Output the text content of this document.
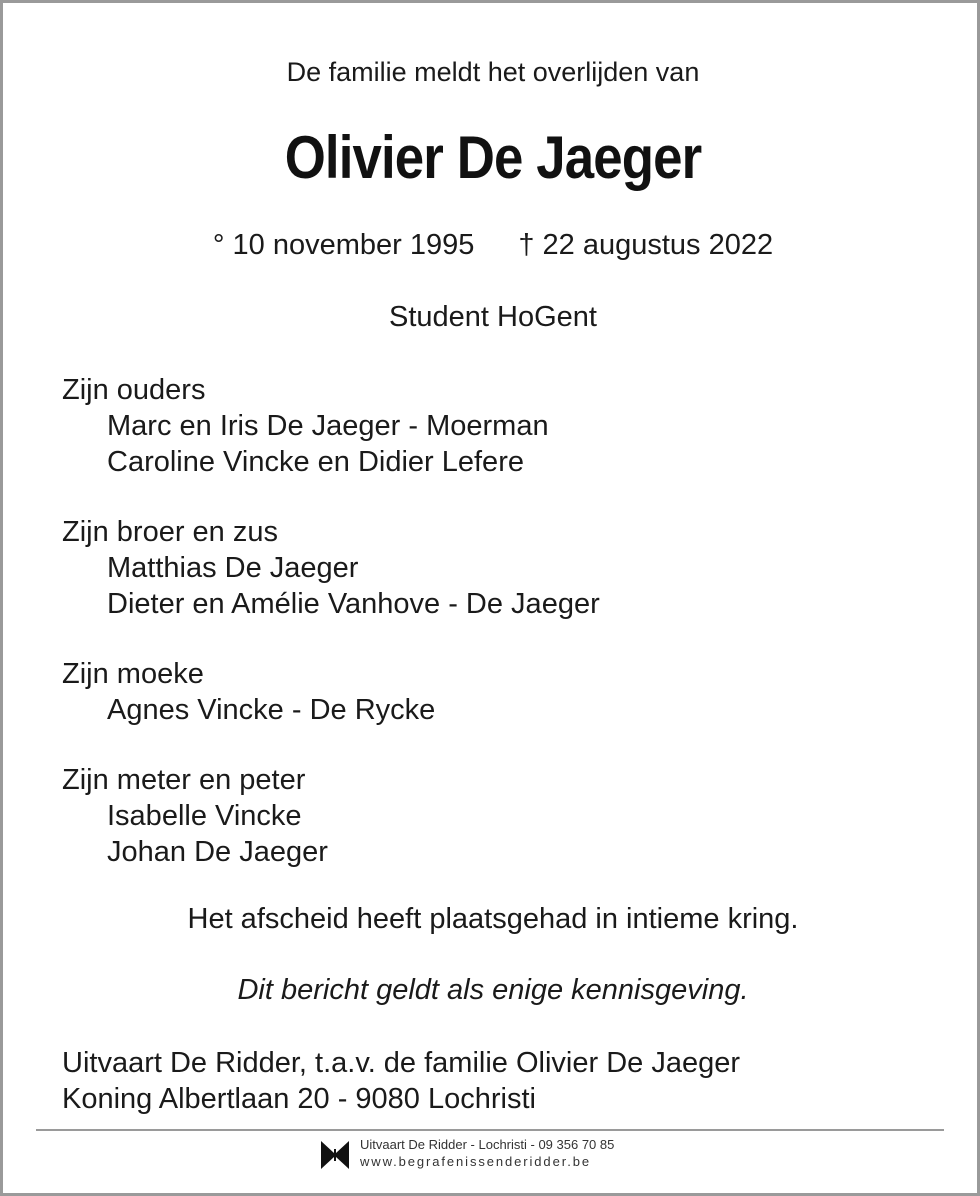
De familie meldt het overlijden van
Olivier De Jaeger
° 10 november 1995 † 22 augustus 2022
Student HoGent
Zijn ouders
Marc en Iris De Jaeger - Moerman
Caroline Vincke en Didier Lefere
Zijn broer en zus
Matthias De Jaeger
Dieter en Amélie Vanhove - De Jaeger
Zijn moeke
Agnes Vincke - De Rycke
Zijn meter en peter
Isabelle Vincke
Johan De Jaeger
Het afscheid heeft plaatsgehad in intieme kring.
Dit bericht geldt als enige kennisgeving.
Uitvaart De Ridder, t.a.v. de familie Olivier De Jaeger
Koning Albertlaan 20 - 9080 Lochristi
Uitvaart De Ridder - Lochristi - 09 356 70 85
www.begrafenissenderidder.be
